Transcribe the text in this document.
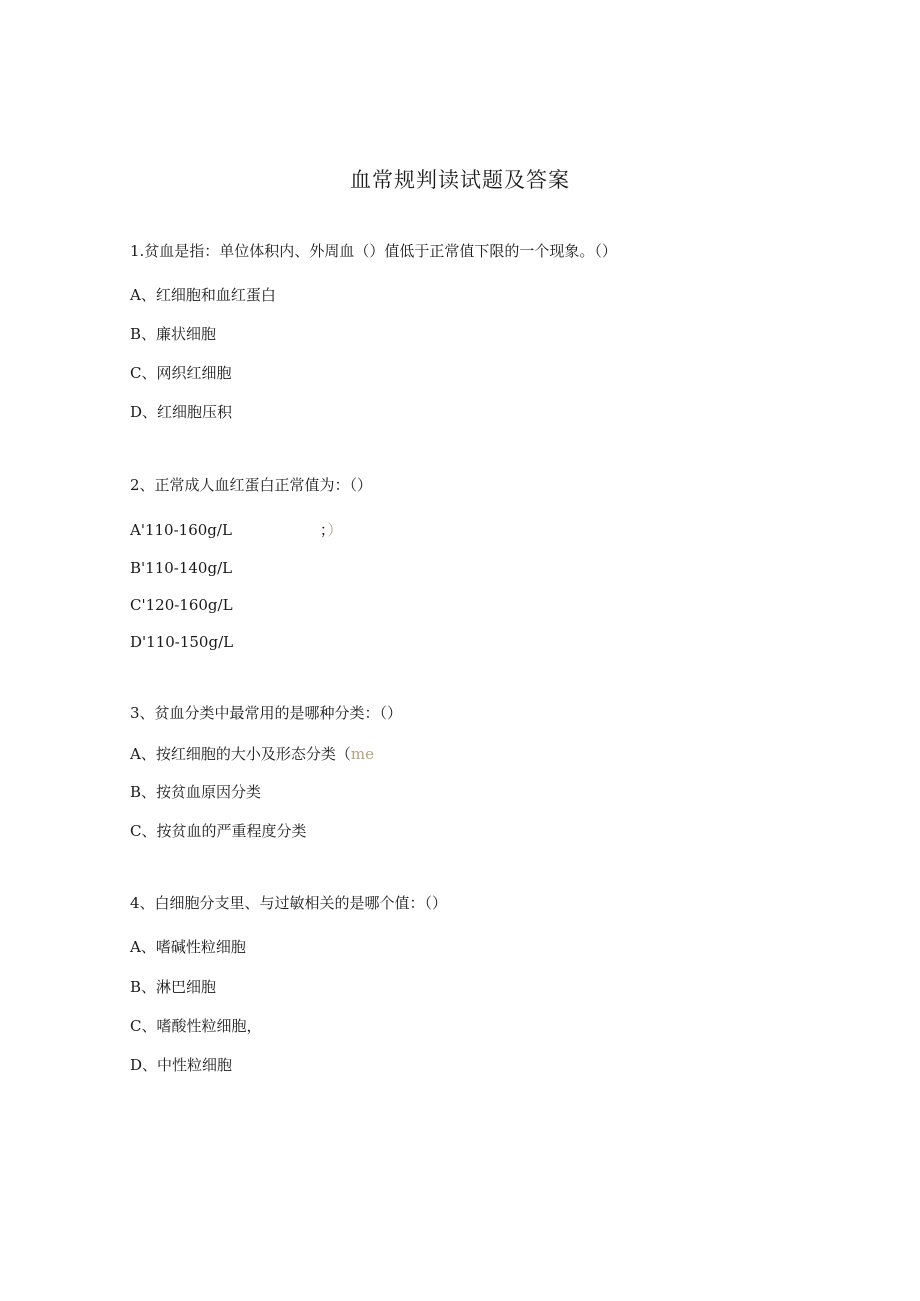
血常规判读试题及答案
1.贫血是指：单位体积内、外周血（）值低于正常值下限的一个现象。（）
A、红细胞和血红蛋白
B、廉状细胞
C、网织红细胞
D、红细胞压积
2、正常成人血红蛋白正常值为：（）
A'110-160g/L	；）
B'110-140g/L
C'120-160g/L
D'110-150g/L
3、贫血分类中最常用的是哪种分类：（）
A、按红细胞的大小及形态分类（me
B、按贫血原因分类
C、按贫血的严重程度分类
4、白细胞分支里、与过敏相关的是哪个值：（）
A、嗜碱性粒细胞
B、淋巴细胞
C、嗜酸性粒细胞，
D、中性粒细胞
